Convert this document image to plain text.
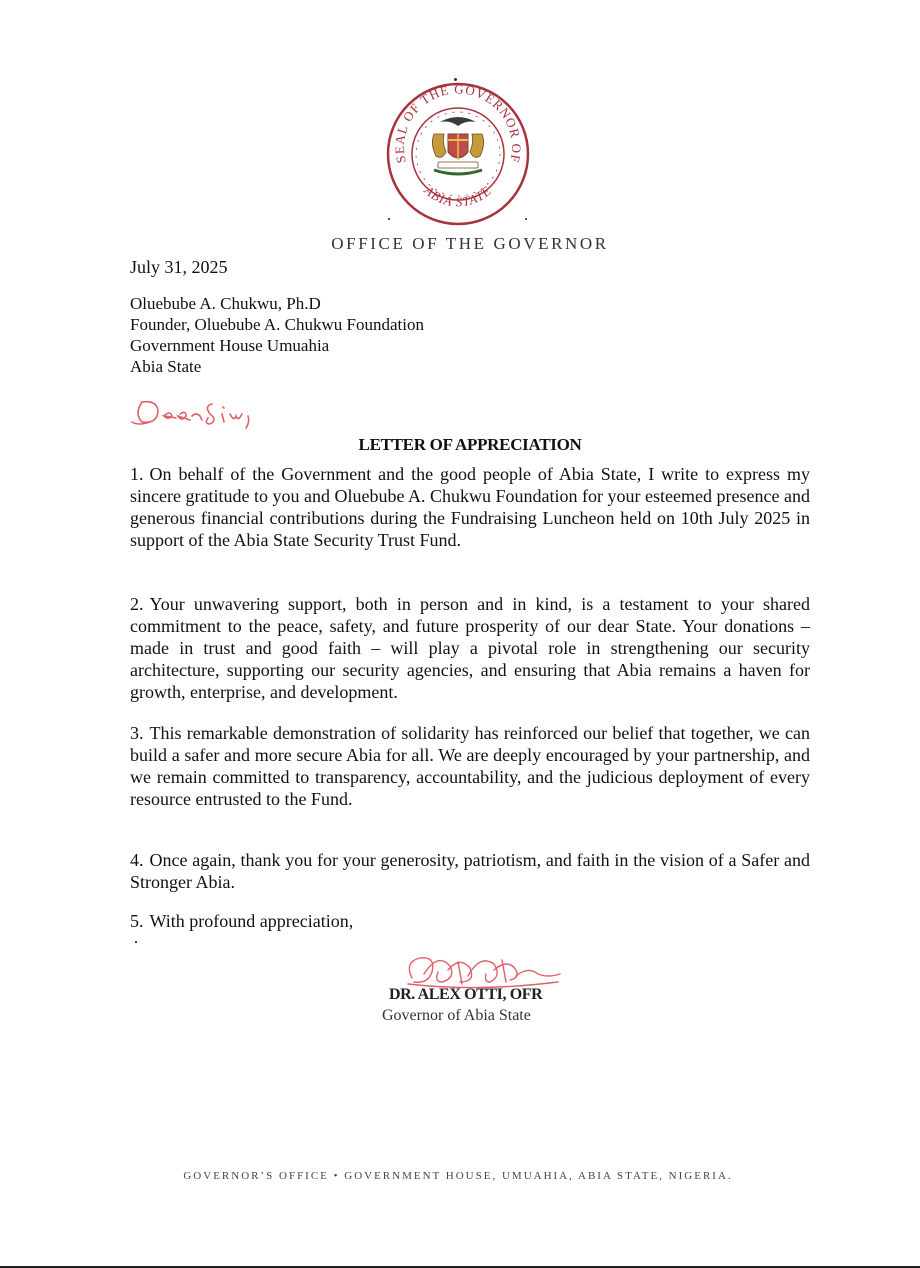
SEAL OF THE GOVERNOR OF
ABIA STATE
OFFICE OF THE GOVERNOR
July 31, 2025
Oluebube A. Chukwu, Ph.D
Founder, Oluebube A. Chukwu Foundation
Government House Umuahia
Abia State
LETTER OF APPRECIATION
1. On behalf of the Government and the good people of Abia State, I write to express my sincere gratitude to you and Oluebube A. Chukwu Foundation for your esteemed presence and generous financial contributions during the Fundraising Luncheon held on 10th July 2025 in support of the Abia State Security Trust Fund.
2. Your unwavering support, both in person and in kind, is a testament to your shared commitment to the peace, safety, and future prosperity of our dear State. Your donations – made in trust and good faith – will play a pivotal role in strengthening our security architecture, supporting our security agencies, and ensuring that Abia remains a haven for growth, enterprise, and development.
3. This remarkable demonstration of solidarity has reinforced our belief that together, we can build a safer and more secure Abia for all. We are deeply encouraged by your partnership, and we remain committed to transparency, accountability, and the judicious deployment of every resource entrusted to the Fund.
4. Once again, thank you for your generosity, patriotism, and faith in the vision of a Safer and Stronger Abia.
5. With profound appreciation,
DR. ALEX OTTI, OFR
Governor of Abia State
GOVERNOR’S OFFICE • GOVERNMENT HOUSE, UMUAHIA, ABIA STATE, NIGERIA.
